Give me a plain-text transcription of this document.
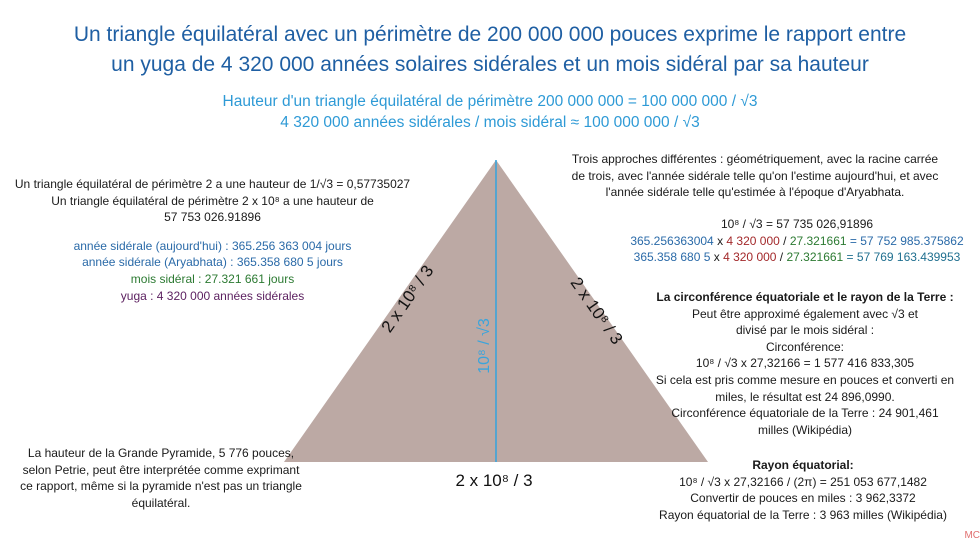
Un triangle équilatéral avec un périmètre de 200 000 000 pouces exprime le rapport entre
un yuga de 4 320 000 années solaires sidérales et un mois sidéral par sa hauteur
Hauteur d'un triangle équilatéral de périmètre 200 000 000 = 100 000 000 / √3
4 320 000 années sidérales / mois sidéral ≈ 100 000 000 / √3
2 x 10⁸ / 3	2 x 10⁸ / 3
10⁸ / √3
2 x 10⁸ / 3
Un triangle équilatéral de périmètre 2 a une hauteur de 1/√3 = 0,57735027
Un triangle équilatéral de périmètre 2 x 10⁸ a une hauteur de
57 753 026.91896
année sidérale (aujourd'hui) : 365.256 363 004 jours
année sidérale (Aryabhata) : 365.358 680 5 jours
mois sidéral : 27.321 661 jours
yuga : 4 320 000 années sidérales
La hauteur de la Grande Pyramide, 5 776 pouces,
selon Petrie, peut être interprétée comme exprimant
ce rapport, même si la pyramide n'est pas un triangle
équilatéral.
Trois approches différentes : géométriquement, avec la racine carrée
de trois, avec l'année sidérale telle qu'on l'estime aujourd'hui, et avec
l'année sidérale telle qu'estimée à l'époque d'Aryabhata.
10⁸ / √3 = 57 735 026,91896
365.256363004 x 4 320 000 / 27.321661 = 57 752 985.375862
365.358 680 5 x 4 320 000 / 27.321661 = 57 769 163.439953
La circonférence équatoriale et le rayon de la Terre :
Peut être approximé également avec √3 et
divisé par le mois sidéral :
Circonférence:
10⁸ / √3 x 27,32166 = 1 577 416 833,305
Si cela est pris comme mesure en pouces et converti en
miles, le résultat est 24 896,0990.
Circonférence équatoriale de la Terre : 24 901,461
milles (Wikipédia)
Rayon équatorial:
10⁸ / √3 x 27,32166 / (2π) = 251 053 677,1482
Convertir de pouces en miles : 3 962,3372
Rayon équatorial de la Terre : 3 963 milles (Wikipédia)
MC
